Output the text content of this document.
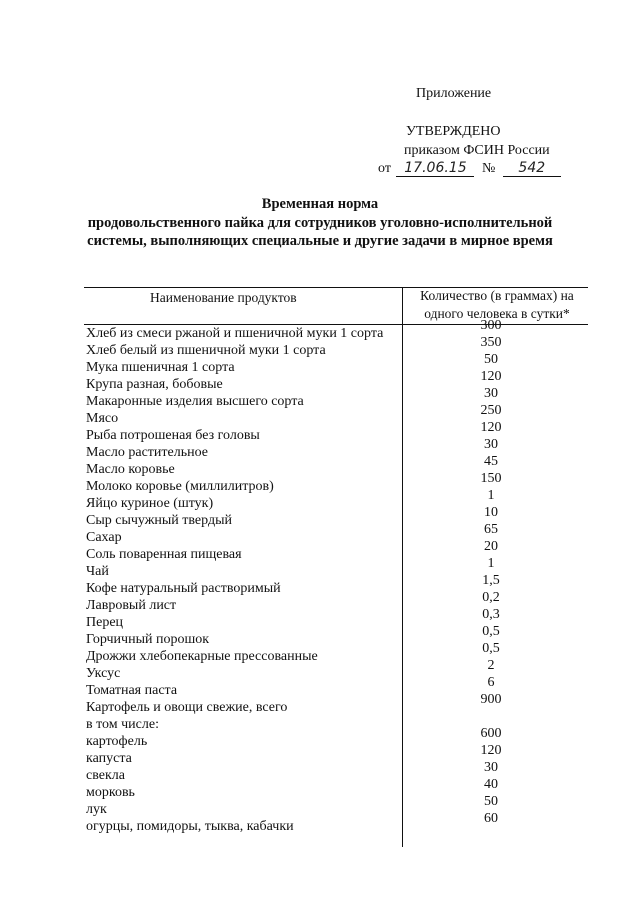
Приложение
УТВЕРЖДЕНО
приказом ФСИН России
от 17.06.15 № 542
Временная норма
продовольственного пайка для сотрудников уголовно-исполнительной
системы, выполняющих специальные и другие задачи в мирное время
Наименование продуктов	Количество (в граммах) на одного человека в сутки*
Хлеб из смеси ржаной и пшеничной муки 1 сорта
300
Хлеб белый из пшеничной муки 1 сорта
350
Мука пшеничная 1 сорта
50
Крупа разная, бобовые
120
Макаронные изделия высшего сорта
30
Мясо
250
Рыба потрошеная без головы
120
Масло растительное
30
Масло коровье
45
Молоко коровье (миллилитров)
150
Яйцо куриное (штук)
1
Сыр сычужный твердый
10
Сахар
65
Соль поваренная пищевая
20
Чай
1
Кофе натуральный растворимый
1,5
Лавровый лист
0,2
Перец
0,3
Горчичный порошок
0,5
Дрожжи хлебопекарные прессованные
0,5
Уксус
2
Томатная паста
6
Картофель и овощи свежие, всего
900
в том числе:
картофель
600
капуста
120
свекла
30
морковь
40
лук
50
огурцы, помидоры, тыква, кабачки
60
